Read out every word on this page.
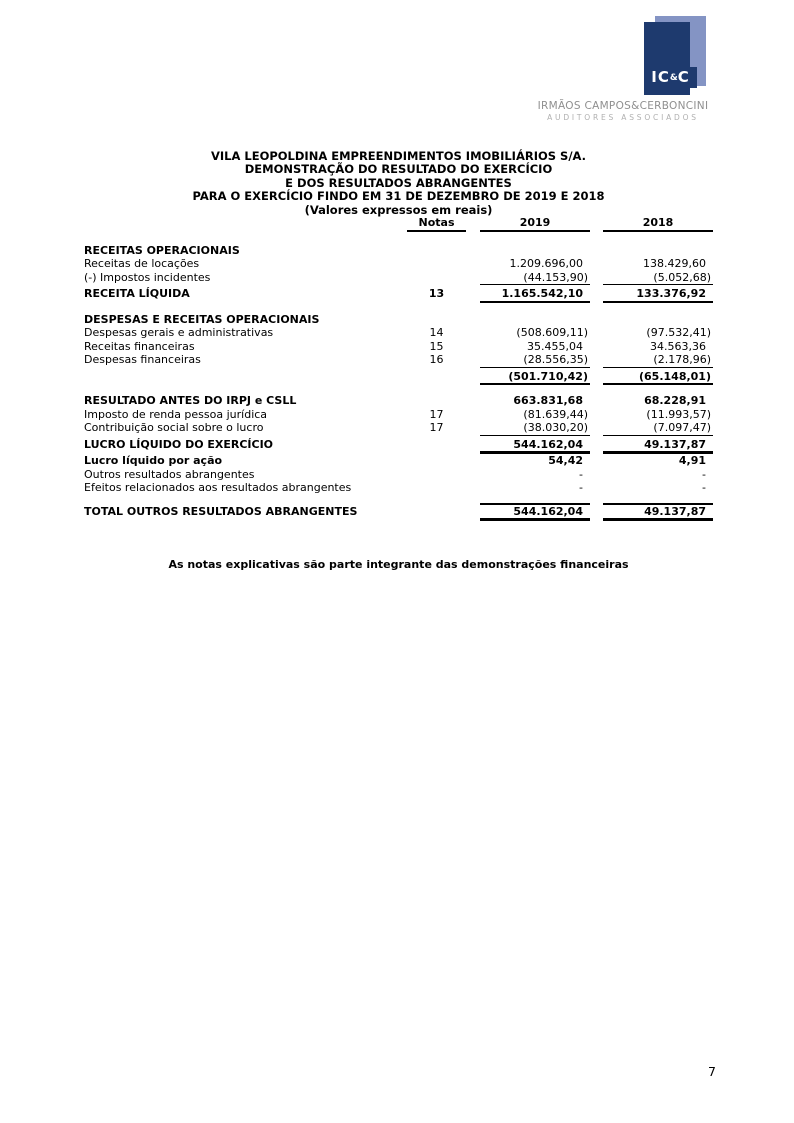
IC&C
IRMÃOS CAMPOS&CERBONCINI
AUDITORES ASSOCIADOS
VILA LEOPOLDINA EMPREENDIMENTOS IMOBILIÁRIOS S/A.
DEMONSTRAÇÃO DO RESULTADO DO EXERCÍCIO
E DOS RESULTADOS ABRANGENTES
PARA O EXERCÍCIO FINDO EM 31 DE DEZEMBRO DE 2019 E 2018
(Valores expressos em reais)
Notas	2019	2018
RECEITAS OPERACIONAIS
Receitas de locações	1.209.696,00	138.429,60
(-) Impostos incidentes	(44.153,90)	(5.052,68)
RECEITA LÍQUIDA	13	1.165.542,10	133.376,92
DESPESAS E RECEITAS OPERACIONAIS
Despesas gerais e administrativas	14	(508.609,11)	(97.532,41)
Receitas financeiras	15	35.455,04	34.563,36
Despesas financeiras	16	(28.556,35)	(2.178,96)
(501.710,42)	(65.148,01)
RESULTADO ANTES DO IRPJ e CSLL	663.831,68	68.228,91
Imposto de renda pessoa jurídica	17	(81.639,44)	(11.993,57)
Contribuição social sobre o lucro	17	(38.030,20)	(7.097,47)
LUCRO LÍQUIDO DO EXERCÍCIO	544.162,04	49.137,87
Lucro líquido por ação	54,42	4,91
Outros resultados abrangentes	-	-
Efeitos relacionados aos resultados abrangentes	-	-
TOTAL OUTROS RESULTADOS ABRANGENTES	544.162,04	49.137,87
As notas explicativas são parte integrante das demonstrações financeiras
7
